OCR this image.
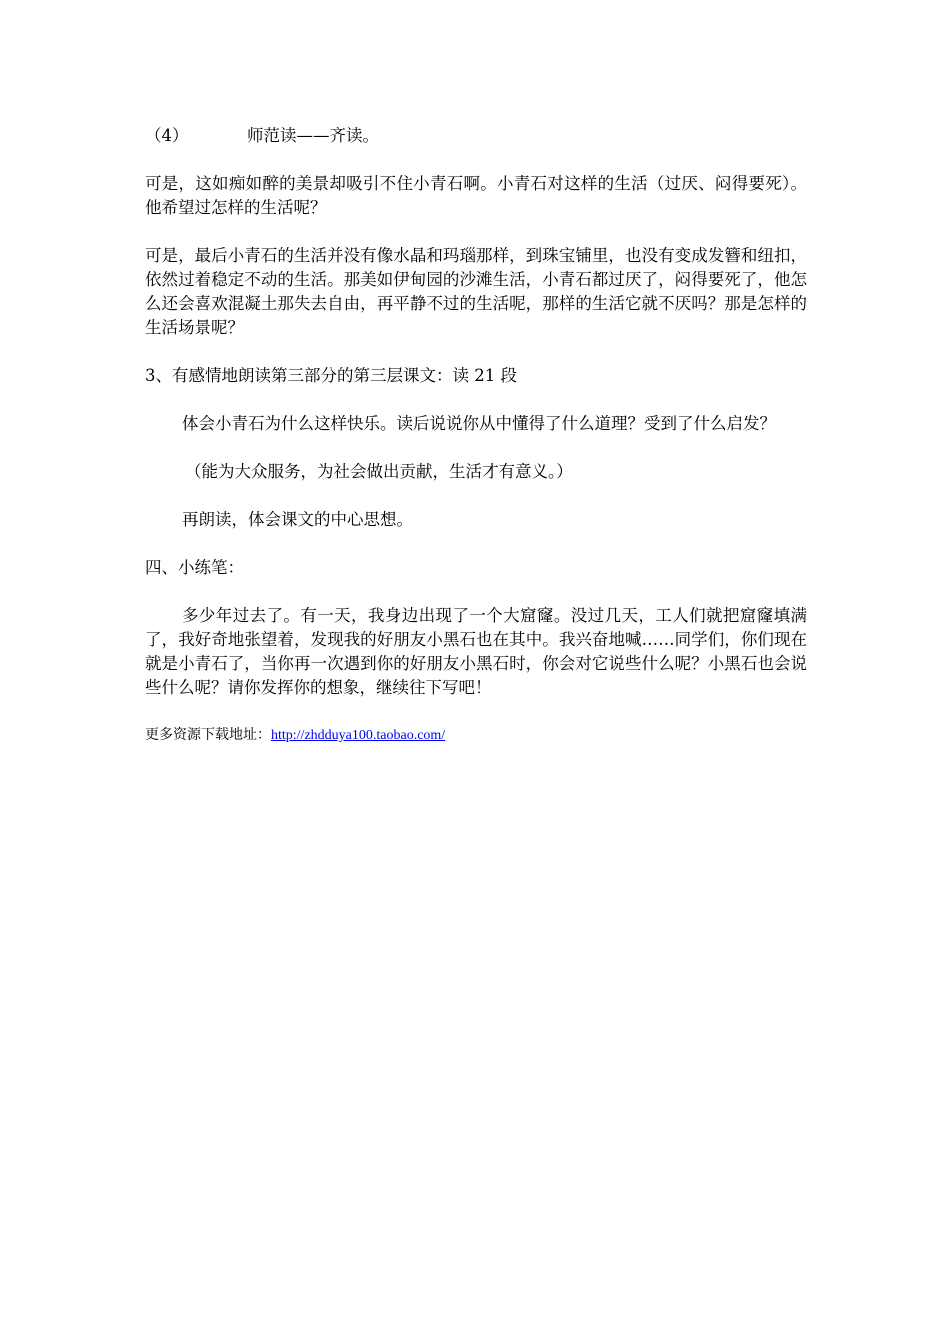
（4）	师范读——齐读。

可是，这如痴如醉的美景却吸引不住小青石啊。小青石对这样的生活（过厌、闷得要死）。他希望过怎样的生活呢？

可是，最后小青石的生活并没有像水晶和玛瑙那样，到珠宝铺里，也没有变成发簪和纽扣，依然过着稳定不动的生活。那美如伊甸园的沙滩生活，小青石都过厌了，闷得要死了，他怎么还会喜欢混凝土那失去自由，再平静不过的生活呢，那样的生活它就不厌吗？那是怎样的生活场景呢？

3、有感情地朗读第三部分的第三层课文：读 21 段

体会小青石为什么这样快乐。读后说说你从中懂得了什么道理？受到了什么启发？

（能为大众服务，为社会做出贡献，生活才有意义。）

再朗读，体会课文的中心思想。

四、小练笔：

多少年过去了。有一天，我身边出现了一个大窟窿。没过几天，工人们就把窟窿填满了，我好奇地张望着，发现我的好朋友小黑石也在其中。我兴奋地喊……同学们，你们现在就是小青石了，当你再一次遇到你的好朋友小黑石时，你会对它说些什么呢？小黑石也会说些什么呢？请你发挥你的想象，继续往下写吧！

更多资源下载地址：http://zhdduya100.taobao.com/
